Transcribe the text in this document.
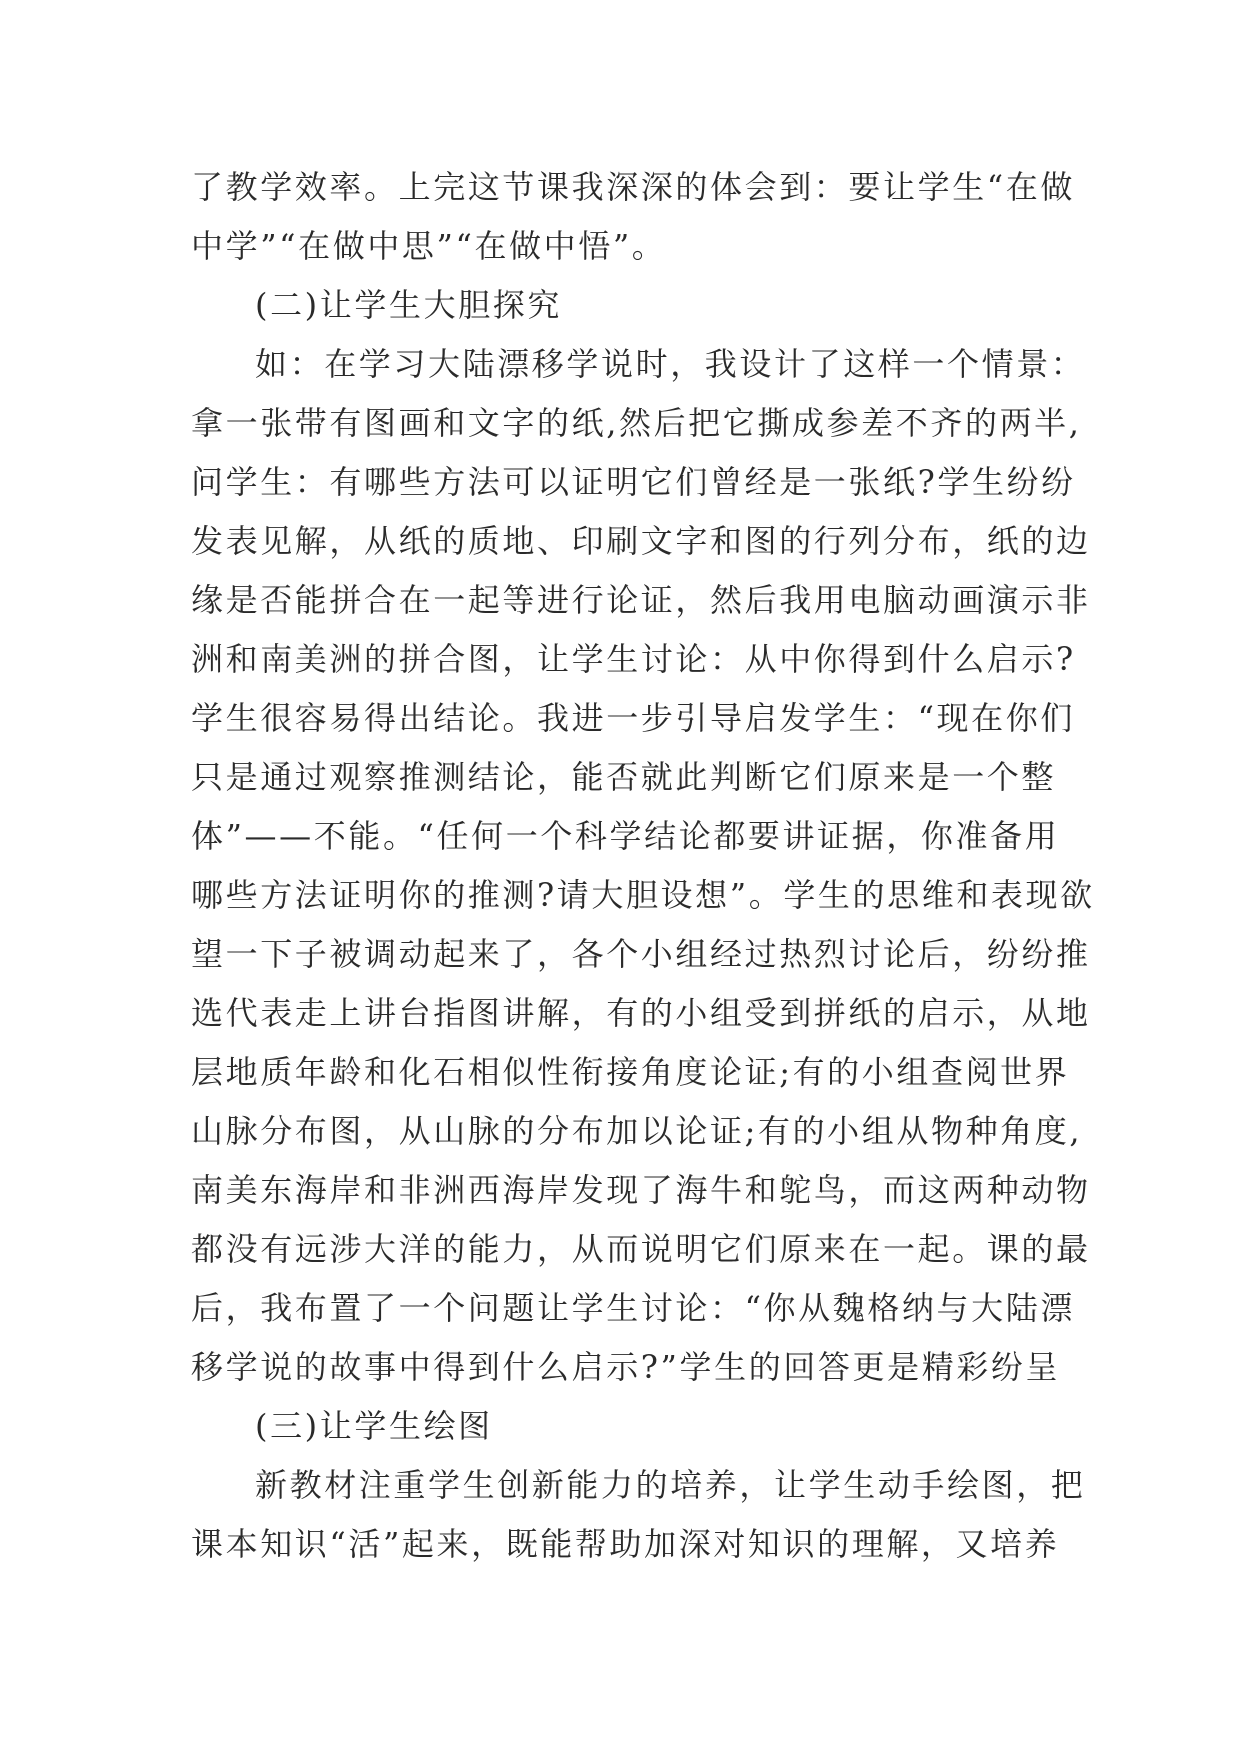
了教学效率。上完这节课我深深的体会到：要让学生“在做
中学”“在做中思”“在做中悟”。
(二)让学生大胆探究
如：在学习大陆漂移学说时，我设计了这样一个情景：
拿一张带有图画和文字的纸,然后把它撕成参差不齐的两半,
问学生：有哪些方法可以证明它们曾经是一张纸?学生纷纷
发表见解，从纸的质地、印刷文字和图的行列分布，纸的边
缘是否能拼合在一起等进行论证，然后我用电脑动画演示非
洲和南美洲的拼合图，让学生讨论：从中你得到什么启示?
学生很容易得出结论。我进一步引导启发学生：“现在你们
只是通过观察推测结论，能否就此判断它们原来是一个整
体”——不能。“任何一个科学结论都要讲证据，你准备用
哪些方法证明你的推测?请大胆设想”。学生的思维和表现欲
望一下子被调动起来了，各个小组经过热烈讨论后，纷纷推
选代表走上讲台指图讲解，有的小组受到拼纸的启示，从地
层地质年龄和化石相似性衔接角度论证;有的小组查阅世界
山脉分布图，从山脉的分布加以论证;有的小组从物种角度,
南美东海岸和非洲西海岸发现了海牛和鸵鸟，而这两种动物
都没有远涉大洋的能力，从而说明它们原来在一起。课的最
后，我布置了一个问题让学生讨论：“你从魏格纳与大陆漂
移学说的故事中得到什么启示?”学生的回答更是精彩纷呈
(三)让学生绘图
新教材注重学生创新能力的培养，让学生动手绘图，把
课本知识“活”起来，既能帮助加深对知识的理解，又培养
